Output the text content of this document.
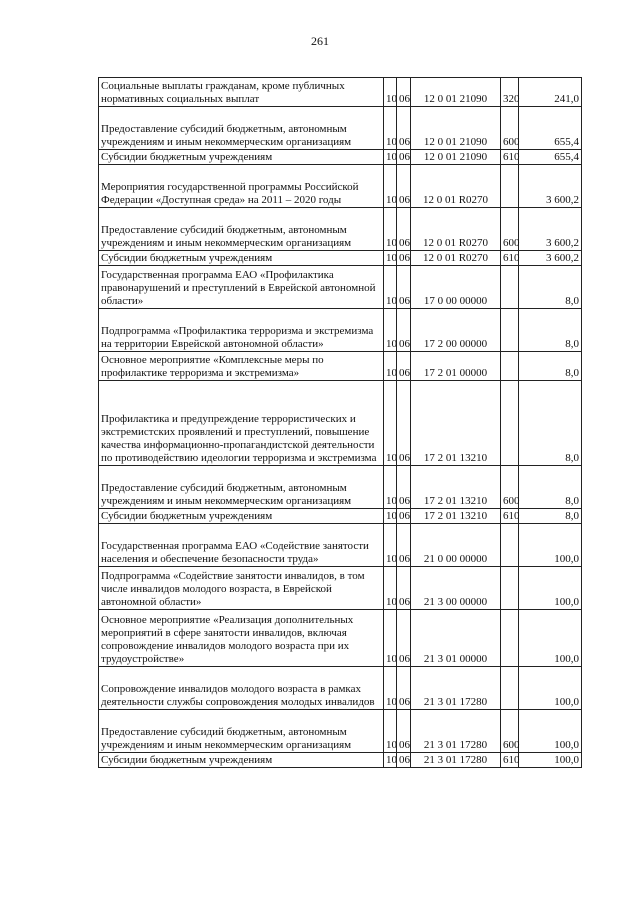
261
Социальные выплаты гражданам, кроме публичных нормативных социальных выплат	10	06	12 0 01 21090	320	241,0
Предоставление субсидий бюджетным, автономным учреждениям и иным некоммерческим организациям	10	06	12 0 01 21090	600	655,4
Субсидии бюджетным учреждениям	10	06	12 0 01 21090	610	655,4
Мероприятия государственной программы Российской Федерации «Доступная среда» на 2011 – 2020 годы	10	06	12 0 01 R0270		3 600,2
Предоставление субсидий бюджетным, автономным учреждениям и иным некоммерческим организациям	10	06	12 0 01 R0270	600	3 600,2
Субсидии бюджетным учреждениям	10	06	12 0 01 R0270	610	3 600,2
Государственная программа ЕАО «Профилактика правонарушений и преступлений в Еврейской автономной области»	10	06	17 0 00 00000		8,0
Подпрограмма «Профилактика терроризма и экстремизма на территории Еврейской автономной области»	10	06	17 2 00 00000		8,0
Основное мероприятие «Комплексные меры по профилактике терроризма и экстремизма»	10	06	17 2 01 00000		8,0
Профилактика и предупреждение террористических и экстремистских проявлений и преступлений, повышение качества информационно-пропагандистской деятельности по противодействию идеологии терроризма и экстремизма	10	06	17 2 01 13210		8,0
Предоставление субсидий бюджетным, автономным учреждениям и иным некоммерческим организациям	10	06	17 2 01 13210	600	8,0
Субсидии бюджетным учреждениям	10	06	17 2 01 13210	610	8,0
Государственная программа ЕАО «Содействие занятости населения и обеспечение безопасности труда»	10	06	21 0 00 00000		100,0
Подпрограмма «Содействие занятости инвалидов, в том числе инвалидов молодого возраста, в Еврейской автономной области»	10	06	21 3 00 00000		100,0
Основное мероприятие «Реализация дополнительных мероприятий в сфере занятости инвалидов, включая сопровождение инвалидов молодого возраста при их трудоустройстве»	10	06	21 3 01 00000		100,0
Сопровождение инвалидов молодого возраста в рамках деятельности службы сопровождения молодых инвалидов	10	06	21 3 01 17280		100,0
Предоставление субсидий бюджетным, автономным учреждениям и иным некоммерческим организациям	10	06	21 3 01 17280	600	100,0
Субсидии бюджетным учреждениям	10	06	21 3 01 17280	610	100,0
